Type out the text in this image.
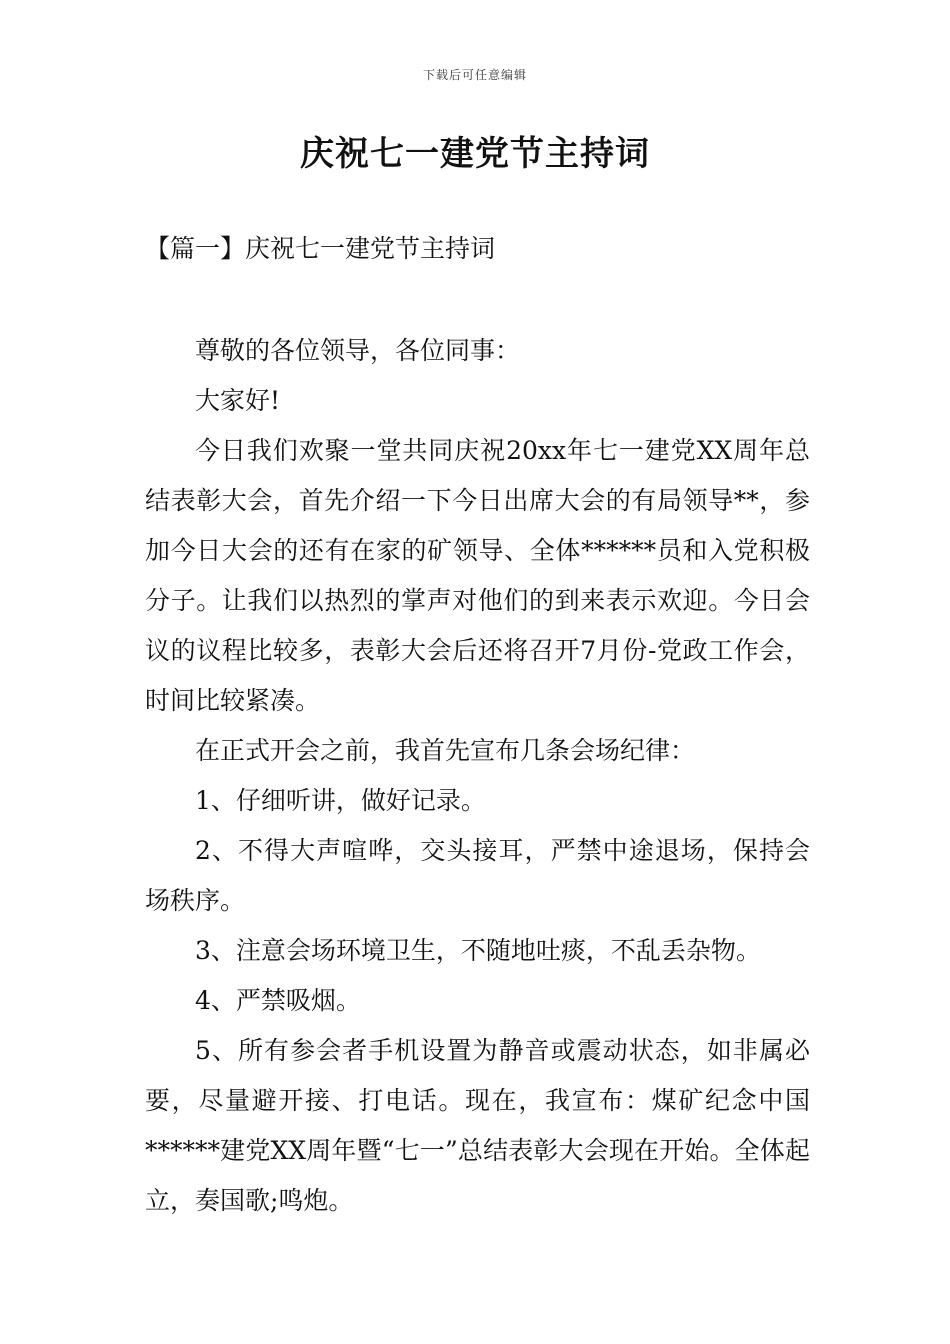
下载后可任意编辑
庆祝七一建党节主持词
【篇一】庆祝七一建党节主持词

尊敬的各位领导，各位同事：

大家好!

今日我们欢聚一堂共同庆祝20xx年七一建党XX周年总结表彰大会，首先介绍一下今日出席大会的有局领导**，参加今日大会的还有在家的矿领导、全体******员和入党积极分子。让我们以热烈的掌声对他们的到来表示欢迎。今日会议的议程比较多，表彰大会后还将召开7月份-党政工作会，时间比较紧凑。

在正式开会之前，我首先宣布几条会场纪律：

1、仔细听讲，做好记录。

2、不得大声喧哗，交头接耳，严禁中途退场，保持会场秩序。

3、注意会场环境卫生，不随地吐痰，不乱丢杂物。

4、严禁吸烟。

5、所有参会者手机设置为静音或震动状态，如非属必要，尽量避开接、打电话。现在，我宣布：煤矿纪念中国******建党XX周年暨“七一”总结表彰大会现在开始。全体起立，奏国歌;鸣炮。
